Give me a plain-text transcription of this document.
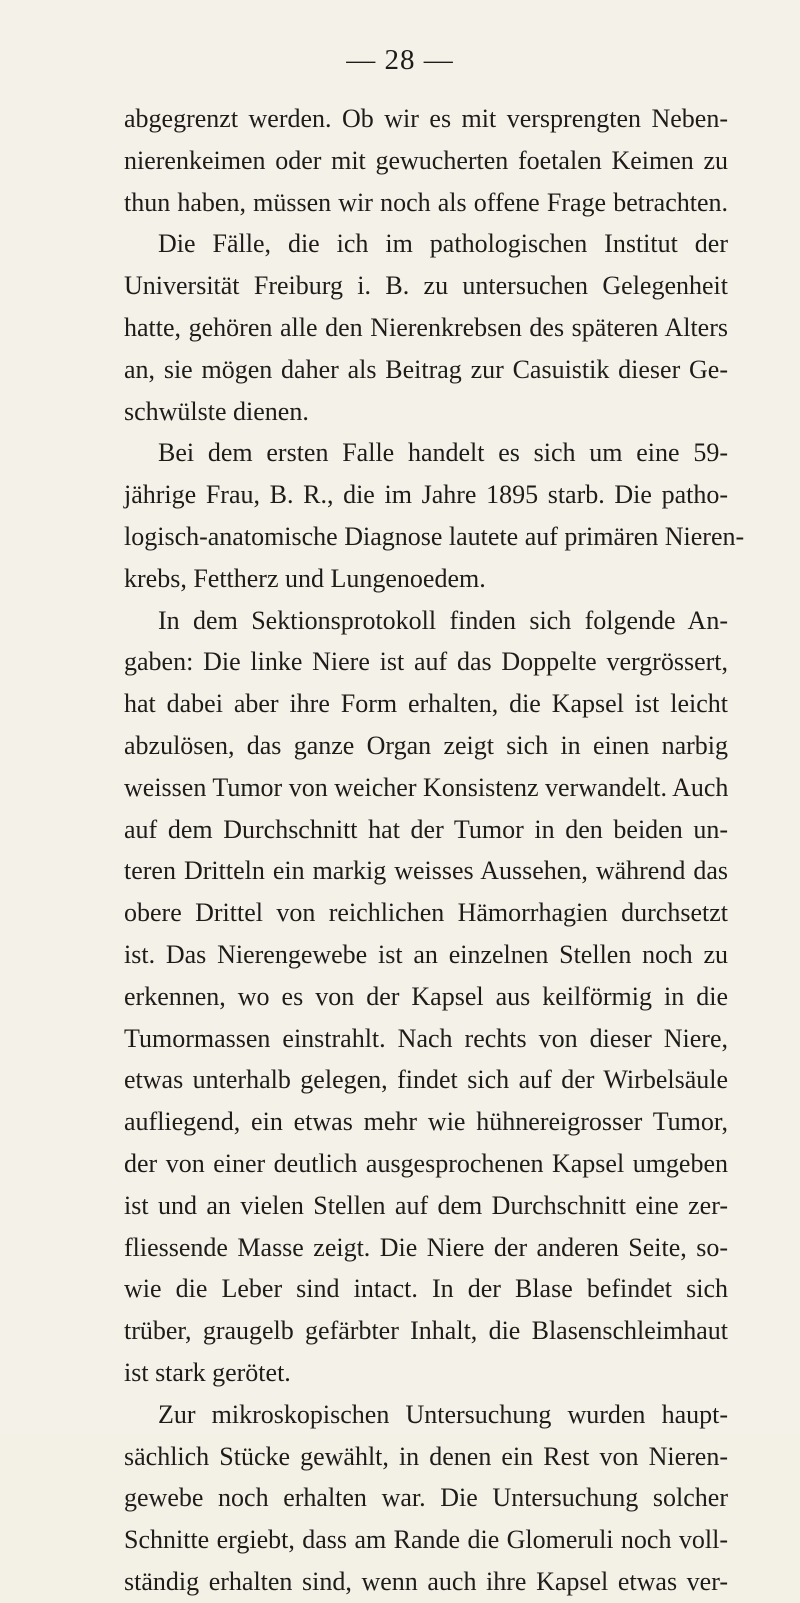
— 28 —
abgegrenzt werden. Ob wir es mit versprengten Neben-
nierenkeimen oder mit gewucherten foetalen Keimen zu
thun haben, müssen wir noch als offene Frage betrachten.
Die Fälle, die ich im pathologischen Institut der
Universität Freiburg i. B. zu untersuchen Gelegenheit
hatte, gehören alle den Nierenkrebsen des späteren Alters
an, sie mögen daher als Beitrag zur Casuistik dieser Ge-
schwülste dienen.
Bei dem ersten Falle handelt es sich um eine 59-
jährige Frau, B. R., die im Jahre 1895 starb. Die patho-
logisch-anatomische Diagnose lautete auf primären Nieren-
krebs, Fettherz und Lungenoedem.
In dem Sektionsprotokoll finden sich folgende An-
gaben: Die linke Niere ist auf das Doppelte vergrössert,
hat dabei aber ihre Form erhalten, die Kapsel ist leicht
abzulösen, das ganze Organ zeigt sich in einen narbig
weissen Tumor von weicher Konsistenz verwandelt. Auch
auf dem Durchschnitt hat der Tumor in den beiden un-
teren Dritteln ein markig weisses Aussehen, während das
obere Drittel von reichlichen Hämorrhagien durchsetzt
ist. Das Nierengewebe ist an einzelnen Stellen noch zu
erkennen, wo es von der Kapsel aus keilförmig in die
Tumormassen einstrahlt. Nach rechts von dieser Niere,
etwas unterhalb gelegen, findet sich auf der Wirbelsäule
aufliegend, ein etwas mehr wie hühnereigrosser Tumor,
der von einer deutlich ausgesprochenen Kapsel umgeben
ist und an vielen Stellen auf dem Durchschnitt eine zer-
fliessende Masse zeigt. Die Niere der anderen Seite, so-
wie die Leber sind intact. In der Blase befindet sich
trüber, graugelb gefärbter Inhalt, die Blasenschleimhaut
ist stark gerötet.
Zur mikroskopischen Untersuchung wurden haupt-
sächlich Stücke gewählt, in denen ein Rest von Nieren-
gewebe noch erhalten war. Die Untersuchung solcher
Schnitte ergiebt, dass am Rande die Glomeruli noch voll-
ständig erhalten sind, wenn auch ihre Kapsel etwas ver-
